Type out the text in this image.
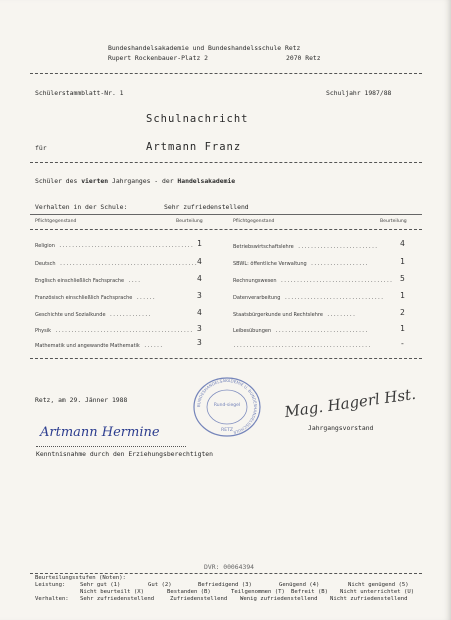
Bundeshandelsakademie und Bundeshandelsschule Retz
Rupert Rockenbauer-Platz 2	2070 Retz
Schülerstammblatt-Nr. 1	Schuljahr 1987/88
Schulnachricht
für	Artmann Franz
Schüler des vierten Jahrganges - der Handelsakademie
Verhalten in der Schule:	Sehr zufriedenstellend
Pflichtgegenstand	Beurteilung	Pflichtgegenstand	Beurteilung
Religion .......................................... 1
Deutsch ........................................... 4
Englisch einschließlich Fachsprache ....	4
Französisch einschließlich Fachsprache ......	3
Geschichte und Sozialkunde .............	4
Physik ........................................... 3
Mathematik und angewandte Mathematik ......	3
Betriebswirtschaftslehre .........................	4
SBWL: öffentliche Verwaltung ..................	1
Rechnungswesen ................................... 5
Datenverarbeitung ............................... 1
Staatsbürgerkunde und Rechtslehre .........	2
Leibesübungen .............................	1
...........................................	-
Retz, am 29. Jänner 1988
BUNDESHANDELSAKADEMIE U. BUNDESHANDELSSCHULE
Rund-siegel
RETZ
Mag. Hagerl Hst.
Jahrgangsvorstand
Artmann Hermine
Kenntnisnahme durch den Erziehungsberechtigten
DVR: 00064394
Beurteilungsstufen (Noten):
Leistung:	Sehr gut (1)	Gut (2)	Befriedigend (3)	Genügend (4)	Nicht genügend (5)
Nicht beurteilt (X)	Bestanden (B)	Teilgenommen (T) Befreit (B) Nicht unterrichtet (U)
Verhalten: Sehr zufriedenstellend	Zufriedenstellend Wenig zufriedenstellend Nicht zufriedenstellend
